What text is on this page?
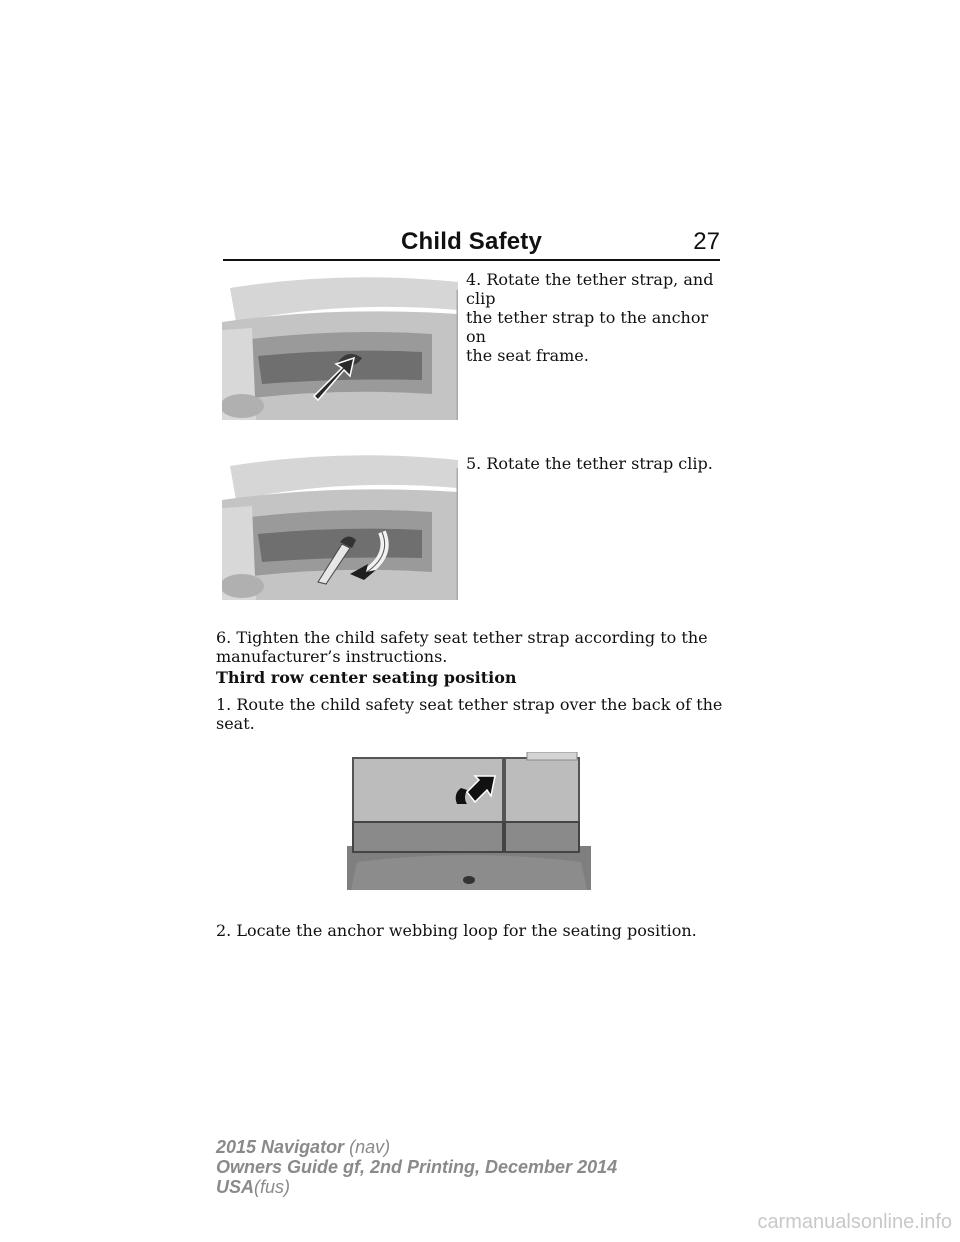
Child Safety	27
4. Rotate the tether strap, and clip
the tether strap to the anchor on
the seat frame.
5. Rotate the tether strap clip.
6. Tighten the child safety seat tether strap according to the
manufacturer’s instructions.
Third row center seating position
1. Route the child safety seat tether strap over the back of the seat.
2. Locate the anchor webbing loop for the seating position.
2015 Navigator (nav)
Owners Guide gf, 2nd Printing, December 2014
USA(fus)
carmanualsonline.info
